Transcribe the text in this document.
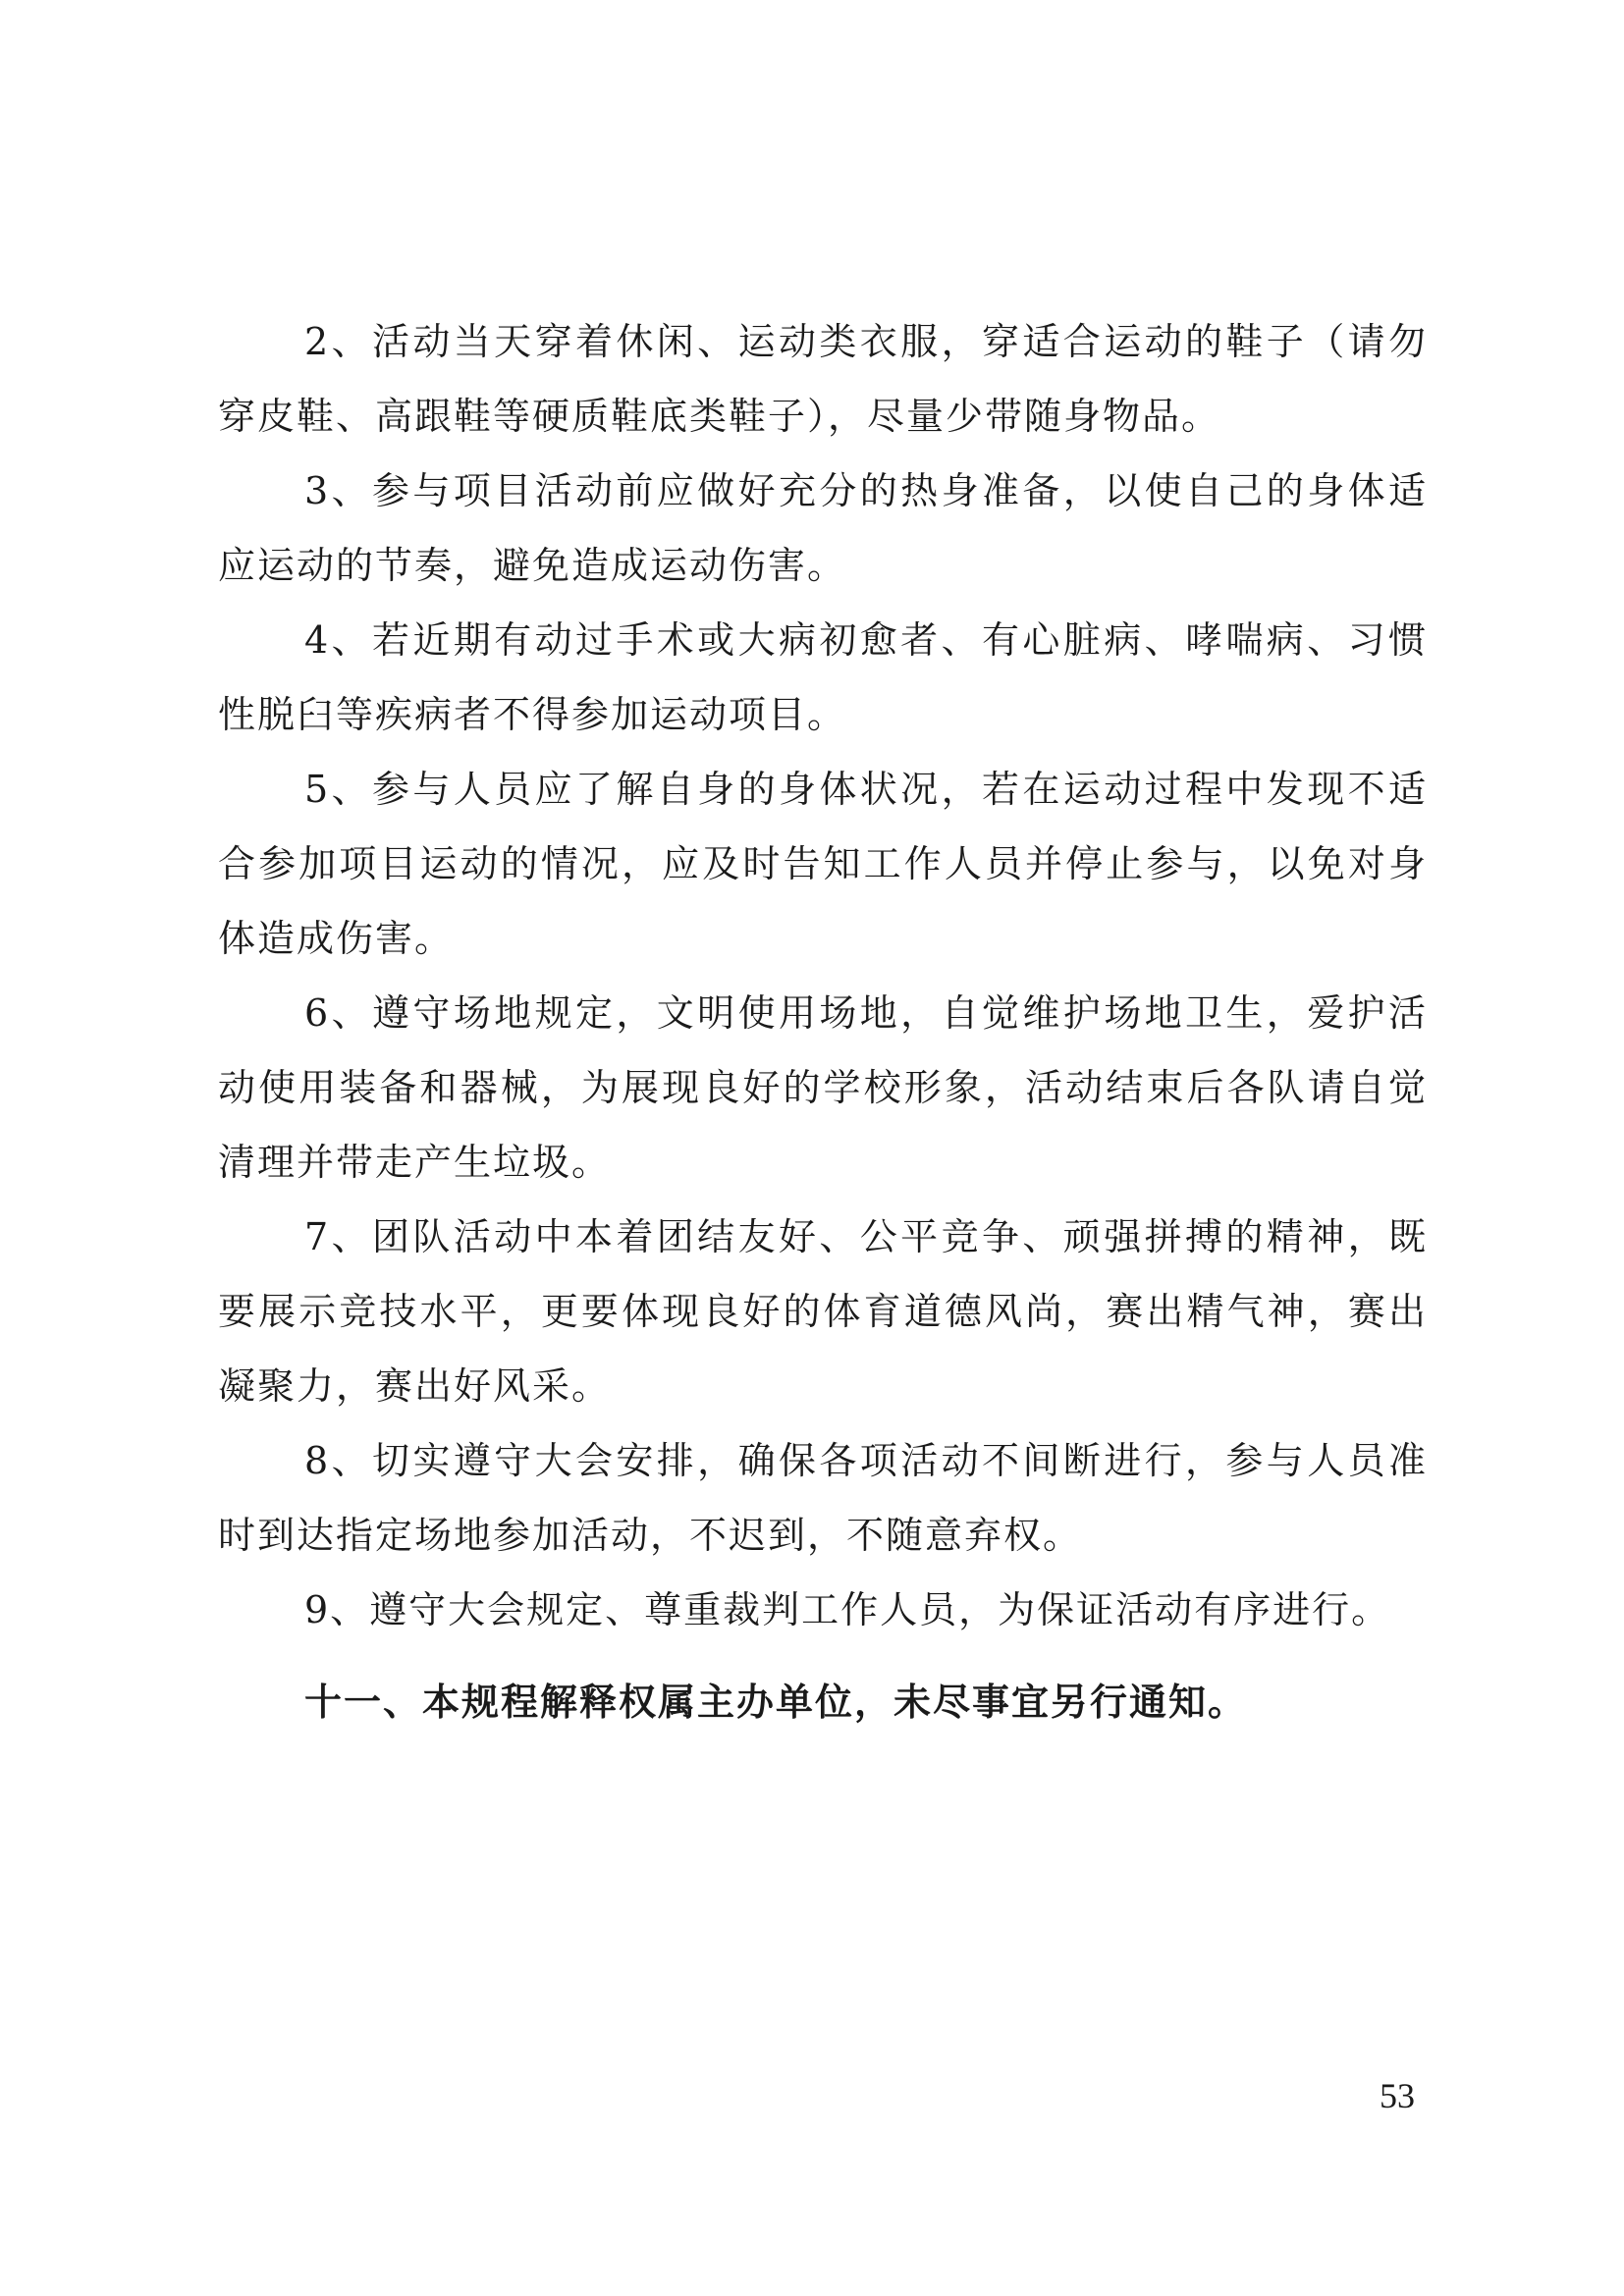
2、活动当天穿着休闲、运动类衣服，穿适合运动的鞋子（请勿穿皮鞋、高跟鞋等硬质鞋底类鞋子），尽量少带随身物品。

3、参与项目活动前应做好充分的热身准备，以使自己的身体适应运动的节奏，避免造成运动伤害。

4、若近期有动过手术或大病初愈者、有心脏病、哮喘病、习惯性脱臼等疾病者不得参加运动项目。

5、参与人员应了解自身的身体状况，若在运动过程中发现不适合参加项目运动的情况，应及时告知工作人员并停止参与，以免对身体造成伤害。

6、遵守场地规定，文明使用场地，自觉维护场地卫生，爱护活动使用装备和器械，为展现良好的学校形象，活动结束后各队请自觉清理并带走产生垃圾。

7、团队活动中本着团结友好、公平竞争、顽强拼搏的精神，既要展示竞技水平，更要体现良好的体育道德风尚，赛出精气神，赛出凝聚力，赛出好风采。

8、切实遵守大会安排，确保各项活动不间断进行，参与人员准时到达指定场地参加活动，不迟到，不随意弃权。

9、遵守大会规定、尊重裁判工作人员，为保证活动有序进行。

十一、本规程解释权属主办单位，未尽事宜另行通知。

53
